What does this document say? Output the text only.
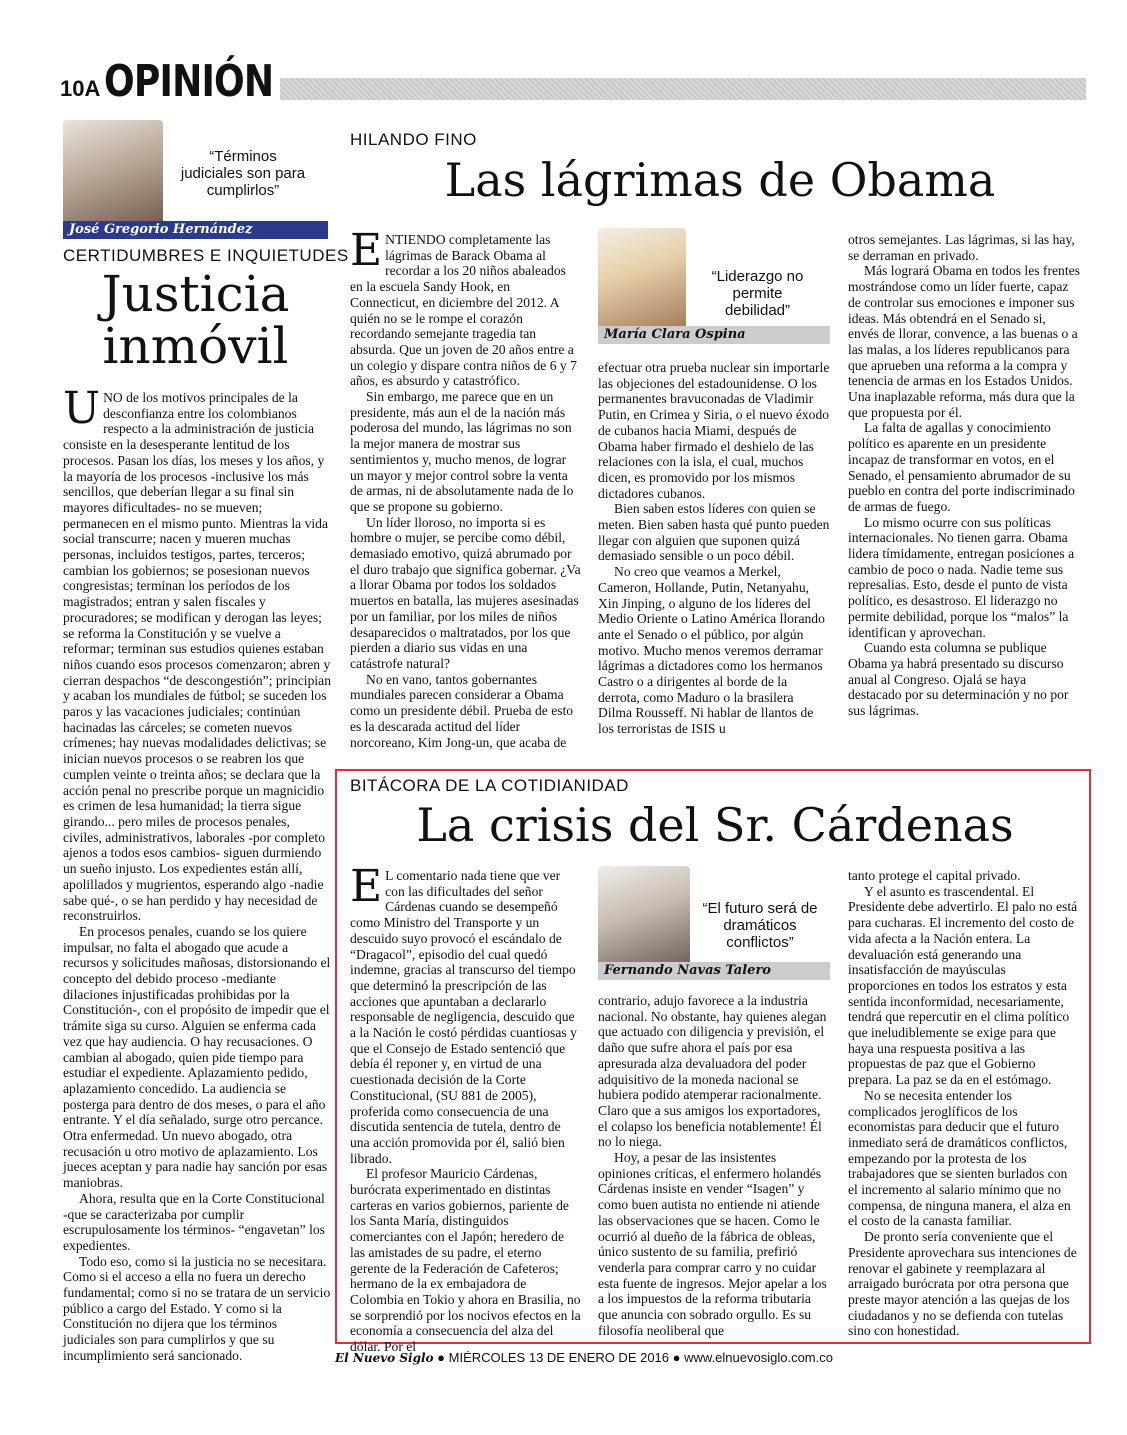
10A OPINIÓN
“Términos judiciales son para cumplirlos”
José Gregorio Hernández
CERTIDUMBRES E INQUIETUDES
Justicia
inmóvil

UNO de los motivos principales de la desconfianza entre los colombianos respecto a la administración de justicia consiste en la desesperante lentitud de los procesos. Pasan los días, los meses y los años, y la mayoría de los procesos -inclusive los más sencillos, que deberían llegar a su final sin mayores dificultades- no se mueven; permanecen en el mismo punto. Mientras la vida social transcurre; nacen y mueren muchas personas, incluidos testigos, partes, terceros; cambian los gobiernos; se posesionan nuevos congresistas; terminan los períodos de los magistrados; entran y salen fiscales y procuradores; se modifican y derogan las leyes; se reforma la Constitución y se vuelve a reformar; terminan sus estudios quienes estaban niños cuando esos procesos comenzaron; abren y cierran despachos “de descongestión”; principian y acaban los mundiales de fútbol; se suceden los paros y las vacaciones judiciales; continúan hacinadas las cárceles; se cometen nuevos crímenes; hay nuevas modalidades delictivas; se inician nuevos procesos o se reabren los que cumplen veinte o treinta años; se declara que la acción penal no prescribe porque un magnicidio es crimen de lesa humanidad; la tierra sigue girando... pero miles de procesos penales, civiles, administrativos, laborales -por completo ajenos a todos esos cambios- siguen durmiendo un sueño injusto. Los expedientes están allí, apolillados y mugrientos, esperando algo -nadie sabe qué-, o se han perdido y hay necesidad de reconstruirlos.

En procesos penales, cuando se los quiere impulsar, no falta el abogado que acude a recursos y solicitudes mañosas, distorsionando el concepto del debido proceso -mediante dilaciones injustificadas prohibidas por la Constitución-, con el propósito de impedir que el trámite siga su curso. Alguien se enferma cada vez que hay audiencia. O hay recusaciones. O cambian al abogado, quien pide tiempo para estudiar el expediente. Aplazamiento pedido, aplazamiento concedido. La audiencia se posterga para dentro de dos meses, o para el año entrante. Y el día señalado, surge otro percance. Otra enfermedad. Un nuevo abogado, otra recusación u otro motivo de aplazamiento. Los jueces aceptan y para nadie hay sanción por esas maniobras.

Ahora, resulta que en la Corte Constitucional -que se caracterizaba por cumplir escrupulosamente los términos- “engavetan” los expedientes.

Todo eso, como si la justicia no se necesitara. Como si el acceso a ella no fuera un derecho fundamental; como si no se tratara de un servicio público a cargo del Estado. Y como si la Constitución no dijera que los términos judiciales son para cumplirlos y que su incumplimiento será sancionado.

HILANDO FINO
Las lágrimas de Obama

ENTIENDO completamente las lágrimas de Barack Obama al recordar a los 20 niños abaleados en la escuela Sandy Hook, en Connecticut, en diciembre del 2012. A quién no se le rompe el corazón recordando semejante tragedia tan absurda. Que un joven de 20 años entre a un colegio y dispare contra niños de 6 y 7 años, es absurdo y catastrófico.

Sin embargo, me parece que en un presidente, más aun el de la nación más poderosa del mundo, las lágrimas no son la mejor manera de mostrar sus sentimientos y, mucho menos, de lograr un mayor y mejor control sobre la venta de armas, ni de absolutamente nada de lo que se propone su gobierno.

Un líder lloroso, no importa si es hombre o mujer, se percibe como débil, demasiado emotivo, quizá abrumado por el duro trabajo que significa gobernar. ¿Va a llorar Obama por todos los soldados muertos en batalla, las mujeres asesinadas por un familiar, por los miles de niños desaparecidos o maltratados, por los que pierden a diario sus vidas en una catástrofe natural?

No en vano, tantos gobernantes mundiales parecen considerar a Obama como un presidente débil. Prueba de esto es la descarada actitud del líder norcoreano, Kim Jong-un, que acaba de

“Liderazgo no permite debilidad”
María Clara Ospina

efectuar otra prueba nuclear sin importarle las objeciones del estadounidense. O los permanentes bravuconadas de Vladimir Putin, en Crimea y Siria, o el nuevo éxodo de cubanos hacia Miami, después de Obama haber firmado el deshielo de las relaciones con la isla, el cual, muchos dicen, es promovido por los mismos dictadores cubanos.

Bien saben estos líderes con quien se meten. Bien saben hasta qué punto pueden llegar con alguien que suponen quizá demasiado sensible o un poco débil.

No creo que veamos a Merkel, Cameron, Hollande, Putin, Netanyahu, Xin Jinping, o alguno de los líderes del Medio Oriente o Latino América llorando ante el Senado o el público, por algún motivo. Mucho menos veremos derramar lágrimas a dictadores como los hermanos Castro o a dirigentes al borde de la derrota, como Maduro o la brasilera Dilma Rousseff. Ni hablar de llantos de los terroristas de ISIS u

otros semejantes. Las lágrimas, si las hay, se derraman en privado.

Más logrará Obama en todos les frentes mostrándose como un líder fuerte, capaz de controlar sus emociones e imponer sus ideas. Más obtendrá en el Senado si, envés de llorar, convence, a las buenas o a las malas, a los líderes republicanos para que aprueben una reforma a la compra y tenencia de armas en los Estados Unidos. Una inaplazable reforma, más dura que la que propuesta por él.

La falta de agallas y conocimiento político es aparente en un presidente incapaz de transformar en votos, en el Senado, el pensamiento abrumador de su pueblo en contra del porte indiscriminado de armas de fuego.

Lo mismo ocurre con sus políticas internacionales. No tienen garra. Obama lidera tímidamente, entregan posiciones a cambio de poco o nada. Nadie teme sus represalias. Esto, desde el punto de vista político, es desastroso. El liderazgo no permite debilidad, porque los “malos” la identifican y aprovechan.

Cuando esta columna se publique Obama ya habrá presentado su discurso anual al Congreso. Ojalá se haya destacado por su determinación y no por sus lágrimas.

BITÁCORA DE LA COTIDIANIDAD
La crisis del Sr. Cárdenas

E L comentario nada tiene que ver con las dificultades del señor Cárdenas cuando se desempeñó como Ministro del Transporte y un descuido suyo provocó el escándalo de “Dragacol”, episodio del cual quedó indemne, gracias al transcurso del tiempo que determinó la prescripción de las acciones que apuntaban a declararlo responsable de negligencia, descuido que a la Nación le costó pérdidas cuantiosas y que el Consejo de Estado sentenció que debía él reponer y, en virtud de una cuestionada decisión de la Corte Constitucional, (SU 881 de 2005), proferida como consecuencia de una discutida sentencia de tutela, dentro de una acción promovida por él, salió bien librado.

El profesor Mauricio Cárdenas, burócrata experimentado en distintas carteras en varios gobiernos, pariente de los Santa María, distinguidos comerciantes con el Japón; heredero de las amistades de su padre, el eterno gerente de la Federación de Cafeteros; hermano de la ex embajadora de Colombia en Tokio y ahora en Brasilia, no se sorprendió por los nocivos efectos en la economía a consecuencia del alza del dólar. Por el

“El futuro será de dramáticos conflictos”
Fernando Navas Talero

contrario, adujo favorece a la industria nacional. No obstante, hay quienes alegan que actuado con diligencia y previsión, el daño que sufre ahora el país por esa apresurada alza devaluadora del poder adquisitivo de la moneda nacional se hubiera podido atemperar racionalmente. Claro que a sus amigos los exportadores, el colapso los beneficia notablemente! Él no lo niega.

Hoy, a pesar de las insistentes opiniones críticas, el enfermero holandés Cárdenas insiste en vender “Isagen” y como buen autista no entiende ni atiende las observaciones que se hacen. Como le ocurrió al dueño de la fábrica de obleas, único sustento de su familia, prefirió venderla para comprar carro y no cuidar esta fuente de ingresos. Mejor apelar a los a los impuestos de la reforma tributaria que anuncia con sobrado orgullo. Es su filosofía neoliberal que

tanto protege el capital privado.

Y el asunto es trascendental. El Presidente debe advertirlo. El palo no está para cucharas. El incremento del costo de vida afecta a la Nación entera. La devaluación está generando una insatisfacción de mayúsculas proporciones en todos los estratos y esta sentida inconformidad, necesariamente, tendrá que repercutir en el clima político que ineludiblemente se exige para que haya una respuesta positiva a las propuestas de paz que el Gobierno prepara. La paz se da en el estómago.

No se necesita entender los complicados jeroglíficos de los economistas para deducir que el futuro inmediato será de dramáticos conflictos, empezando por la protesta de los trabajadores que se sienten burlados con el incremento al salario mínimo que no compensa, de ninguna manera, el alza en el costo de la canasta familiar.

De pronto sería conveniente que el Presidente aprovechara sus intenciones de renovar el gabinete y reemplazara al arraigado burócrata por otra persona que preste mayor atención a las quejas de los ciudadanos y no se defienda con tutelas sino con honestidad.

El Nuevo Siglo ● MIÉRCOLES 13 DE ENERO DE 2016 ● www.elnuevosiglo.com.co
